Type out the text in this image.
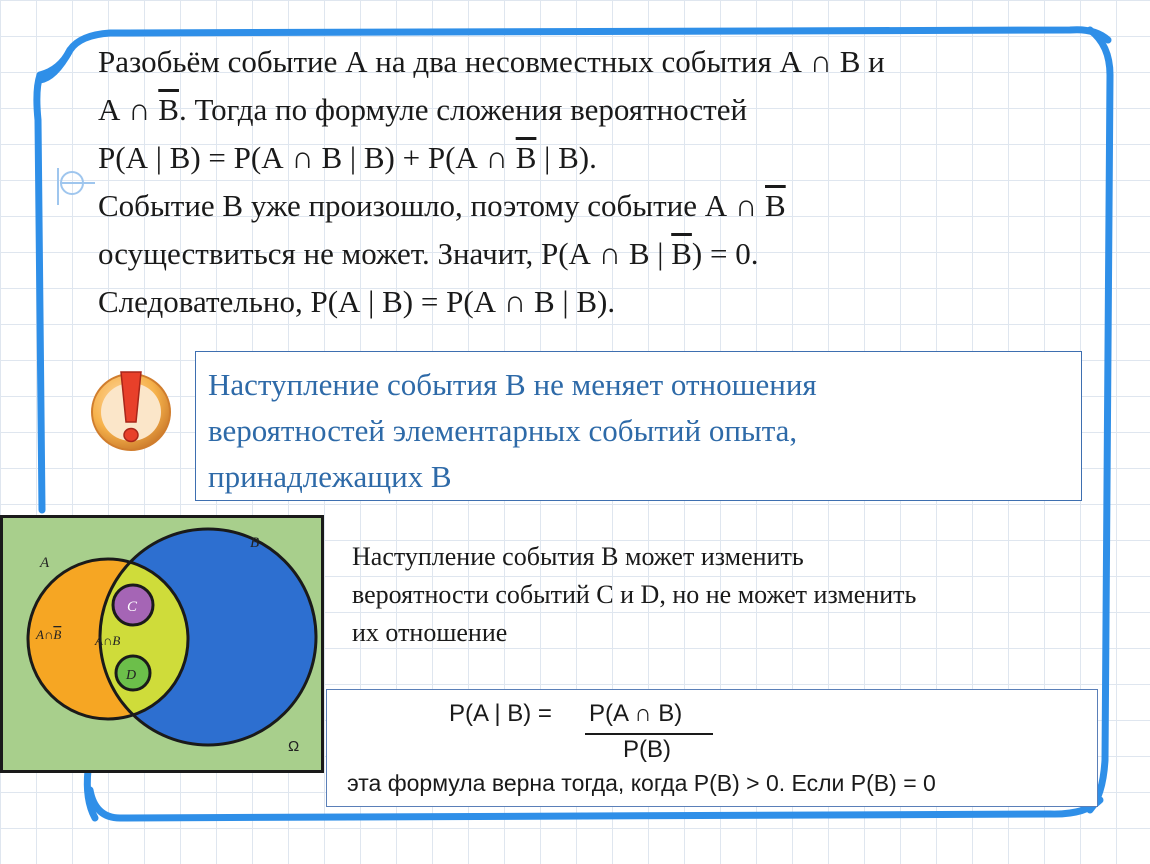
Разобьём событие А на два несовместных события А ∩ В и

А ∩ В. Тогда по формуле сложения вероятностей

Р(А | В) = Р(А ∩ В | В) + Р(А ∩ В | В).

Событие В уже произошло, поэтому событие А ∩ В

осуществиться не может. Значит, Р(А ∩ В | В) = 0.

Следовательно, Р(А | В) = Р(А ∩ В | В).

Наступление события В не меняет отношения
вероятностей элементарных событий опыта,
принадлежащих В
A
B
C
D
A∩B	A∩B
Ω
Наступление события В может изменить
вероятности событий C и D, но не может изменить
их отношение
P(A | B) = P(A ∩ B)
P(B)
эта формула верна тогда, когда P(B) > 0. Если P(B) = 0
